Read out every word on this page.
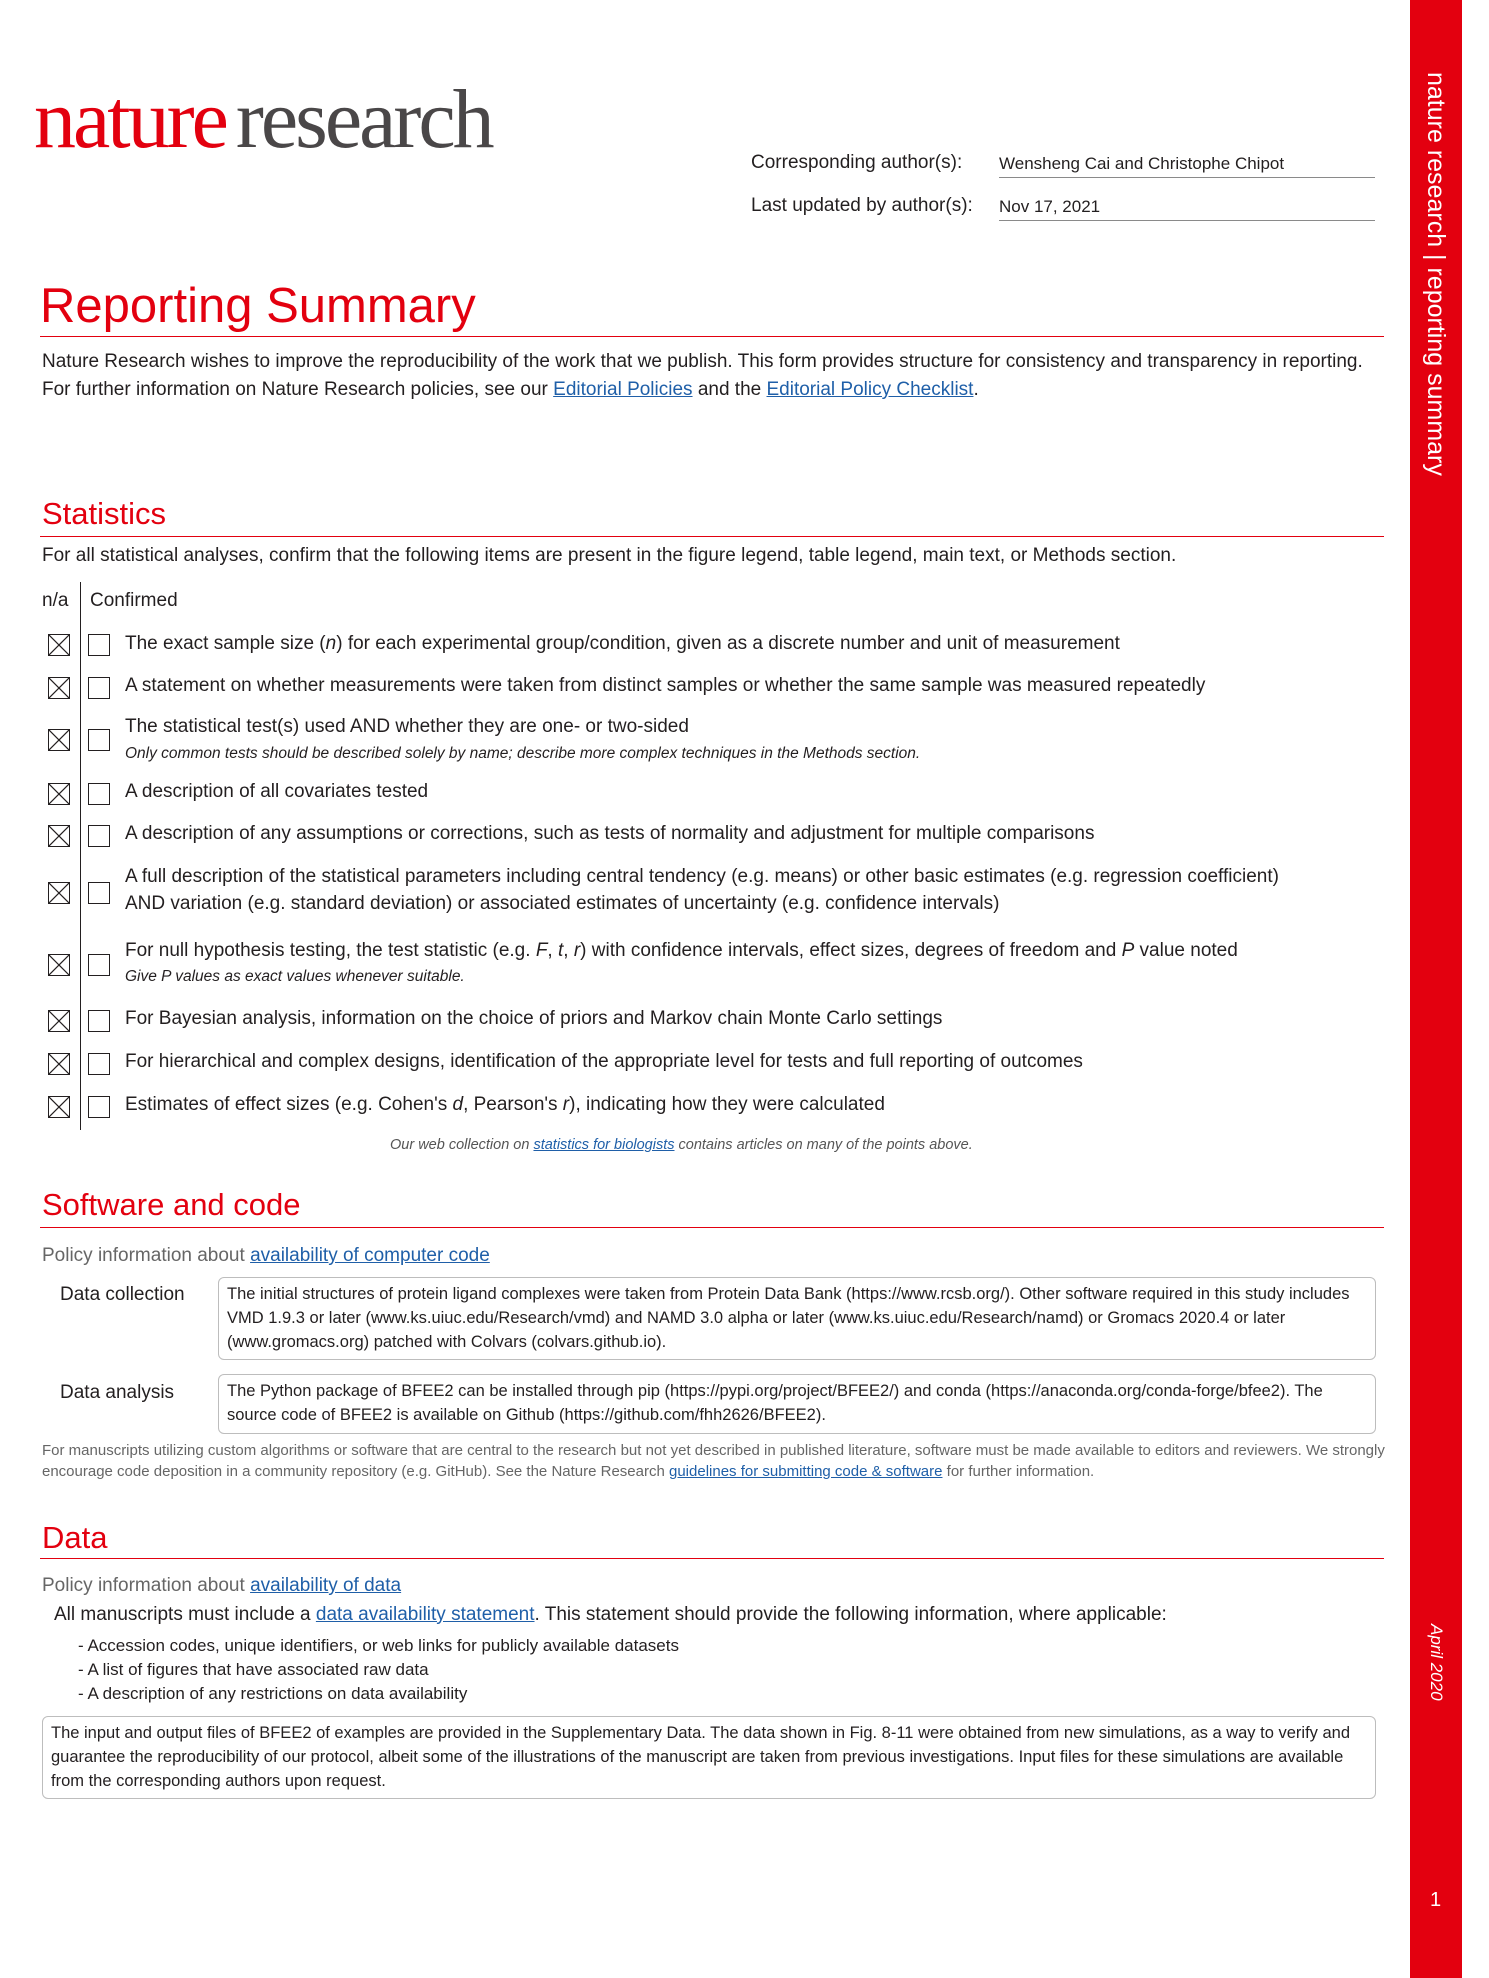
nature research	Corresponding author(s): Wensheng Cai and Christophe Chipot
Last updated by author(s): Nov 17, 2021	nature research | reporting summary
April 2020
1
Reporting Summary
Nature Research wishes to improve the reproducibility of the work that we publish. This form provides structure for consistency and transparency in reporting. For further information on Nature Research policies, see our Editorial Policies and the Editorial Policy Checklist.
Statistics
For all statistical analyses, confirm that the following items are present in the figure legend, table legend, main text, or Methods section.
n/a Confirmed
The exact sample size (n) for each experimental group/condition, given as a discrete number and unit of measurement
A statement on whether measurements were taken from distinct samples or whether the same sample was measured repeatedly
The statistical test(s) used AND whether they are one- or two-sided
Only common tests should be described solely by name; describe more complex techniques in the Methods section.
A description of all covariates tested
A description of any assumptions or corrections, such as tests of normality and adjustment for multiple comparisons
A full description of the statistical parameters including central tendency (e.g. means) or other basic estimates (e.g. regression coefficient)
AND variation (e.g. standard deviation) or associated estimates of uncertainty (e.g. confidence intervals)
For null hypothesis testing, the test statistic (e.g. F, t, r) with confidence intervals, effect sizes, degrees of freedom and P value noted
Give P values as exact values whenever suitable.
For Bayesian analysis, information on the choice of priors and Markov chain Monte Carlo settings
For hierarchical and complex designs, identification of the appropriate level for tests and full reporting of outcomes
Estimates of effect sizes (e.g. Cohen's d, Pearson's r), indicating how they were calculated
Our web collection on statistics for biologists contains articles on many of the points above.
Software and code
Policy information about availability of computer code
Data collection	The initial structures of protein ligand complexes were taken from Protein Data Bank (https://www.rcsb.org/). Other software required in this study includes VMD 1.9.3 or later (www.ks.uiuc.edu/Research/vmd) and NAMD 3.0 alpha or later (www.ks.uiuc.edu/Research/namd) or Gromacs 2020.4 or later (www.gromacs.org) patched with Colvars (colvars.github.io).
Data analysis	The Python package of BFEE2 can be installed through pip (https://pypi.org/project/BFEE2/) and conda (https://anaconda.org/conda-forge/bfee2). The source code of BFEE2 is available on Github (https://github.com/fhh2626/BFEE2).
For manuscripts utilizing custom algorithms or software that are central to the research but not yet described in published literature, software must be made available to editors and reviewers. We strongly encourage code deposition in a community repository (e.g. GitHub). See the Nature Research guidelines for submitting code & software for further information.
Data
Policy information about availability of data
All manuscripts must include a data availability statement. This statement should provide the following information, where applicable:
- Accession codes, unique identifiers, or web links for publicly available datasets
- A list of figures that have associated raw data
- A description of any restrictions on data availability
The input and output files of BFEE2 of examples are provided in the Supplementary Data. The data shown in Fig. 8-11 were obtained from new simulations, as a way to verify and guarantee the reproducibility of our protocol, albeit some of the illustrations of the manuscript are taken from previous investigations. Input files for these simulations are available from the corresponding authors upon request.
